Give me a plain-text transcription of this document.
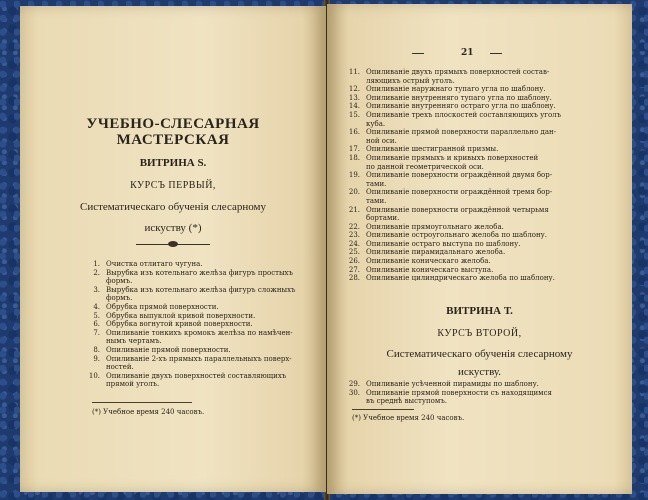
УЧЕБНО-СЛЕСАРНАЯ
МАСТЕРСКАЯ
ВИТРИНА S.
КУРСЪ ПЕРВЫЙ,
Систематическаго обученія слесарному
искуству (*)
1. Очистка отлитаго чугуна.
2. Вырубка изъ котельнаго желѣза фигуръ простыхъ
формъ.
3. Вырубка изъ котельнаго желѣза фигуръ сложныхъ
формъ.
4. Обрубка прямой поверхности.
5. Обрубка выпуклой кривой поверхности.
6. Обрубка вогнутой кривой поверхности.
7. Опиливаніе тонкихъ кромокъ желѣза по намѣчен-
нымъ чертамъ.
8. Опиливаніе прямой поверхности.
9. Опиливаніе 2-хъ прямыхъ параллельныхъ поверх-
ностей.
10. Опиливаніе двухъ поверхностей составляющихъ
прямой уголъ.
(*) Учебное время 240 часовъ.
21
11. Опиливаніе двухъ прямыхъ поверхностей состав-
ляющихъ острый уголъ.
12. Опиливаніе наружнаго тупаго угла по шаблону.
13. Опиливаніе внутренняго тупаго угла по шаблону.
14. Опиливаніе внутренняго остраго угла по шаблону.
15. Опиливаніе трехъ плоскостей составляющихъ уголъ
куба.
16. Опиливаніе прямой поверхности параллельно дан-
ной оси.
17. Опиливаніе шестигранной призмы.
18. Опиливаніе прямыхъ и кривыхъ поверхностей
по данной геометрической оси.
19. Опиливаніе поверхности ограждённой двумя бор-
тами.
20. Опиливаніе поверхности ограждённой тремя бор-
тами.
21. Опиливаніе поверхности ограждённой четырьмя
бортами.
22. Опиливаніе прямоугольнаго желоба.
23. Опиливаніе остроугольнаго желоба по шаблону.
24. Опиливаніе остраго выступа по шаблону.
25. Опиливаніе пирамидальнаго желоба.
26. Опиливаніе коническаго желоба.
27. Опиливаніе коническаго выступа.
28. Опиливаніе цилиндрическаго желоба по шаблону.
ВИТРИНА Т.
КУРСЪ ВТОРОЙ,
Систематическаго обученія слесарному
искуству.
29. Опиливаніе усѣченной пирамиды по шаблону.
30. Опиливаніе прямой поверхности съ находящимся
въ среднѣ выступомъ.
(*) Учебное время 240 часовъ.
